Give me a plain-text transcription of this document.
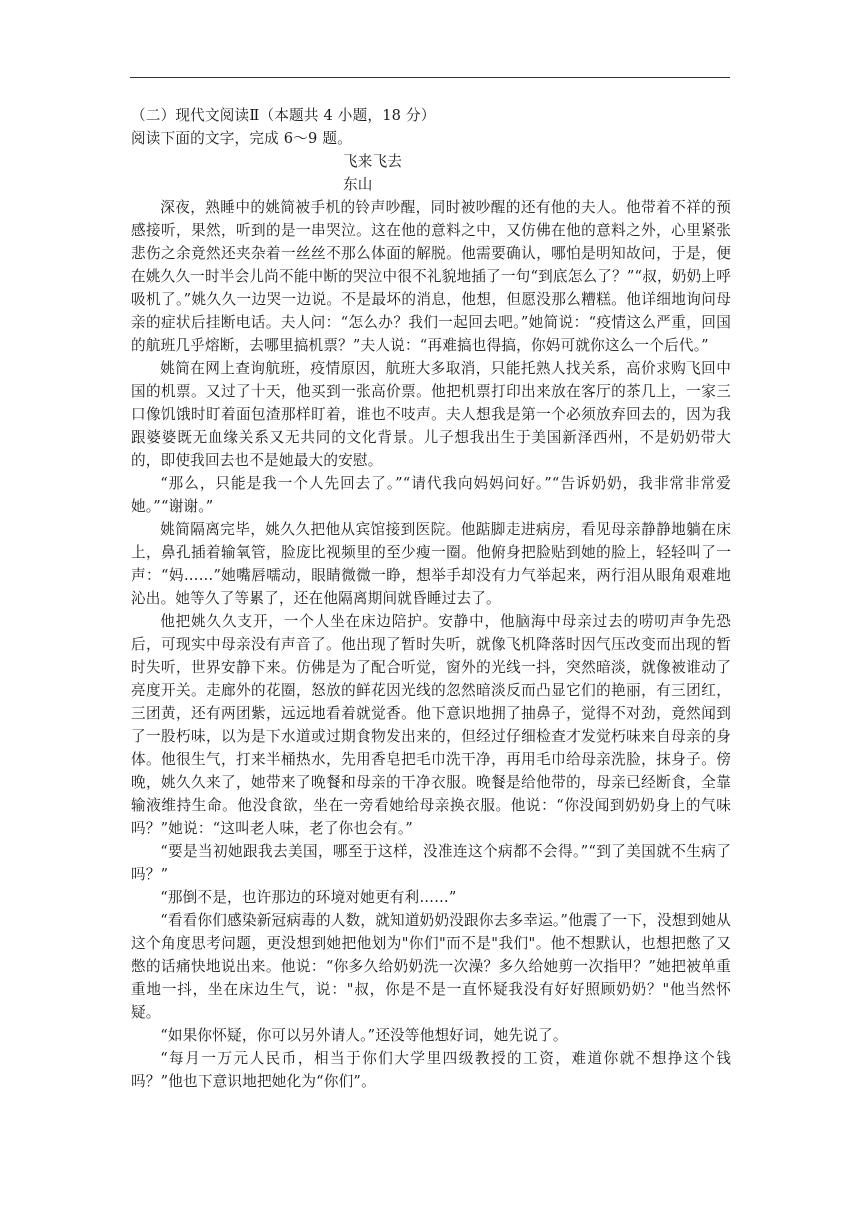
（二）现代文阅读Ⅱ（本题共 4 小题，18 分）

阅读下面的文字，完成 6～9 题。

飞来飞去

东山

深夜，熟睡中的姚简被手机的铃声吵醒，同时被吵醒的还有他的夫人。他带着不祥的预感接听，果然，听到的是一串哭泣。这在他的意料之中，又仿佛在他的意料之外，心里紧张悲伤之余竟然还夹杂着一丝丝不那么体面的解脱。他需要确认，哪怕是明知故问，于是，便在姚久久一时半会儿尚不能中断的哭泣中很不礼貌地插了一句“到底怎么了？”“叔，奶奶上呼吸机了。”姚久久一边哭一边说。不是最坏的消息，他想，但愿没那么糟糕。他详细地询问母亲的症状后挂断电话。夫人问：“怎么办？我们一起回去吧。”她简说：“疫情这么严重，回国的航班几乎熔断，去哪里搞机票？”夫人说：“再难搞也得搞，你妈可就你这么一个后代。”

姚简在网上查询航班，疫情原因，航班大多取消，只能托熟人找关系，高价求购飞回中国的机票。又过了十天，他买到一张高价票。他把机票打印出来放在客厅的茶几上，一家三口像饥饿时盯着面包渣那样盯着，谁也不吱声。夫人想我是第一个必须放弃回去的，因为我跟婆婆既无血缘关系又无共同的文化背景。儿子想我出生于美国新泽西州，不是奶奶带大的，即使我回去也不是她最大的安慰。

“那么，只能是我一个人先回去了。”“请代我向妈妈问好。”“告诉奶奶，我非常非常爱她。”“谢谢。”

姚简隔离完毕，姚久久把他从宾馆接到医院。他踮脚走进病房，看见母亲静静地躺在床上，鼻孔插着输氧管，脸庞比视频里的至少瘦一圈。他俯身把脸贴到她的脸上，轻轻叫了一声：“妈……”她嘴唇嚅动，眼睛微微一睁，想举手却没有力气举起来，两行泪从眼角艰难地沁出。她等久了等累了，还在他隔离期间就昏睡过去了。

他把姚久久支开，一个人坐在床边陪护。安静中，他脑海中母亲过去的唠叨声争先恐后，可现实中母亲没有声音了。他出现了暂时失听，就像飞机降落时因气压改变而出现的暂时失听，世界安静下来。仿佛是为了配合听觉，窗外的光线一抖，突然暗淡，就像被谁动了亮度开关。走廊外的花圈，怒放的鲜花因光线的忽然暗淡反而凸显它们的艳丽，有三团红，三团黄，还有两团紫，远远地看着就觉香。他下意识地拥了抽鼻子，觉得不对劲，竟然闻到了一股朽味，以为是下水道或过期食物发出来的，但经过仔细检查才发觉朽味来自母亲的身体。他很生气，打来半桶热水，先用香皂把毛巾洗干净，再用毛巾给母亲洗脸，抹身子。傍晚，姚久久来了，她带来了晚餐和母亲的干净衣服。晚餐是给他带的，母亲已经断食，全靠输液维持生命。他没食欲，坐在一旁看她给母亲换衣服。他说：“你没闻到奶奶身上的气味吗？”她说：“这叫老人味，老了你也会有。”

“要是当初她跟我去美国，哪至于这样，没准连这个病都不会得。”“到了美国就不生病了吗？”

“那倒不是，也许那边的环境对她更有利……”

“看看你们感染新冠病毒的人数，就知道奶奶没跟你去多幸运。”他震了一下，没想到她从这个角度思考问题，更没想到她把他划为"你们"而不是"我们"。他不想默认，也想把憋了又憋的话痛快地说出来。他说：“你多久给奶奶洗一次澡？多久给她剪一次指甲？”她把被单重重地一抖，坐在床边生气，说："叔，你是不是一直怀疑我没有好好照顾奶奶？"他当然怀疑。

“如果你怀疑，你可以另外请人。”还没等他想好词，她先说了。

“每月一万元人民币，相当于你们大学里四级教授的工资，难道你就不想挣这个钱吗？”他也下意识地把她化为“你们”。
